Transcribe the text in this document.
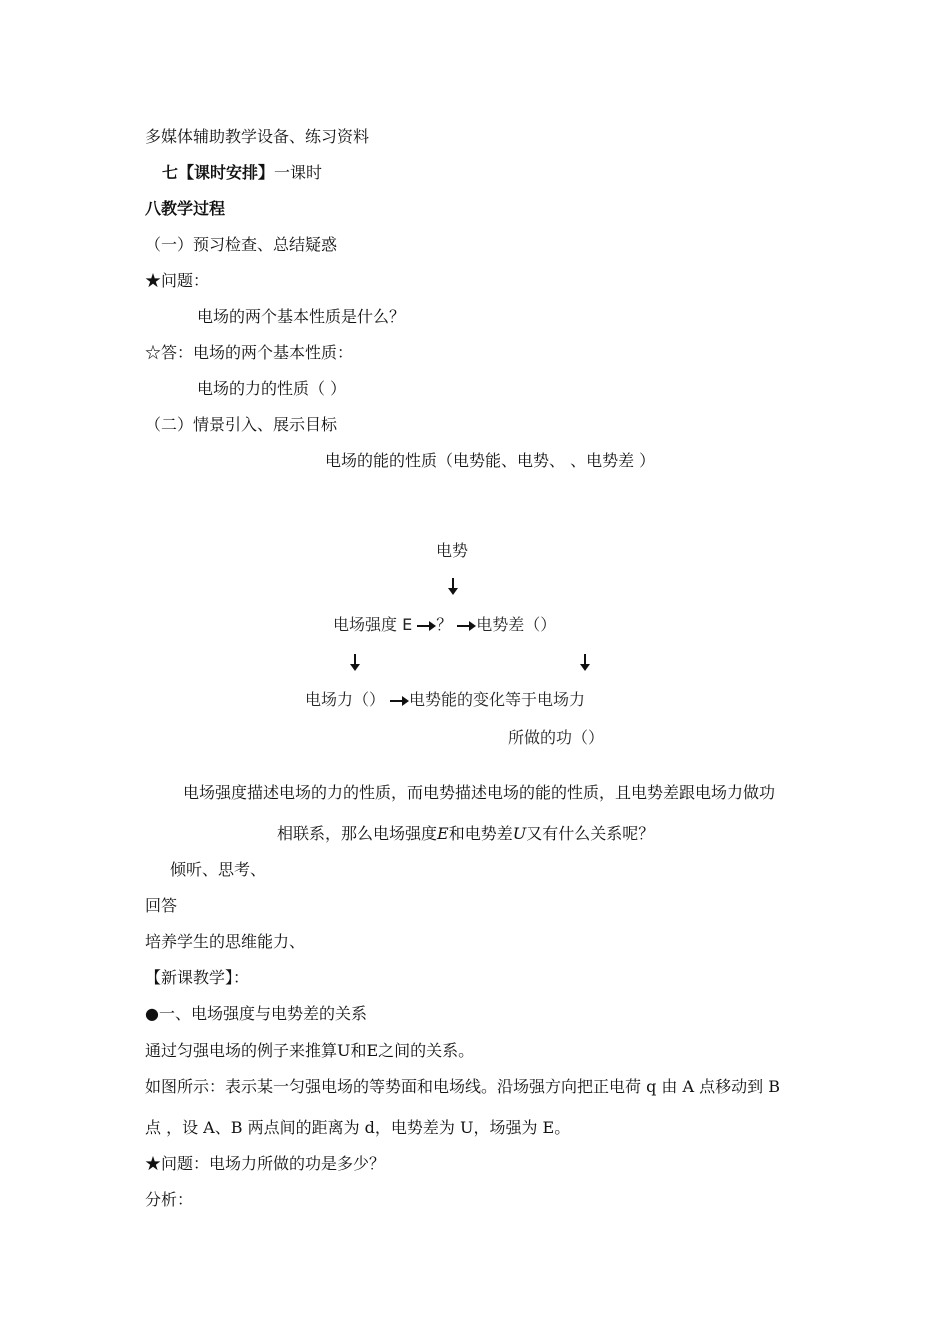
多媒体辅助教学设备、练习资料
七【课时安排】一课时
八教学过程
（一）预习检查、总结疑惑
★问题：
电场的两个基本性质是什么？
☆答：电场的两个基本性质：
电场的力的性质（ ）
（二）情景引入、展示目标
电场的能的性质（电势能、电势、 、电势差 ）
电势
电场强度 E ？ 电势差（）
电场力（） 电势能的变化等于电场力
所做的功（）
电场强度描述电场的力的性质，而电势描述电场的能的性质，且电势差跟电场力做功
相联系，那么电场强度E和电势差U又有什么关系呢？
倾听、思考、
回答
培养学生的思维能力、
【新课教学】：
●一、电场强度与电势差的关系
通过匀强电场的例子来推算U和E之间的关系。
如图所示：表示某一匀强电场的等势面和电场线。沿场强方向把正电荷 q 由 A 点移动到 B
点 ，设 A、B 两点间的距离为 d，电势差为 U，场强为 E。
★问题：电场力所做的功是多少？
分析：
